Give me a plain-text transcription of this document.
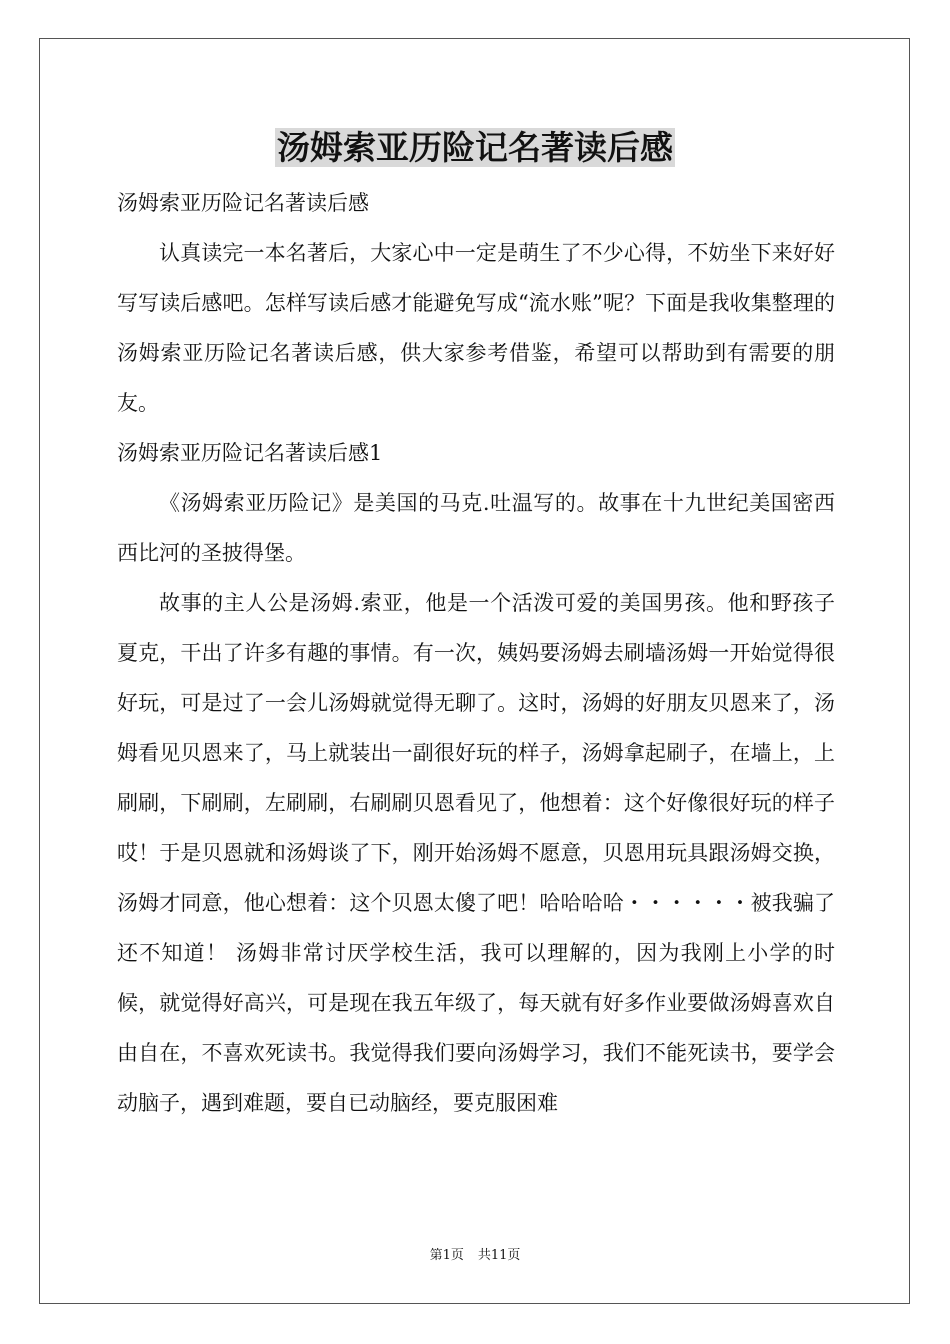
汤姆索亚历险记名著读后感

汤姆索亚历险记名著读后感

认真读完一本名著后，大家心中一定是萌生了不少心得，不妨坐下来好好写写读后感吧。怎样写读后感才能避免写成“流水账”呢？下面是我收集整理的汤姆索亚历险记名著读后感，供大家参考借鉴，希望可以帮助到有需要的朋友。

汤姆索亚历险记名著读后感1

《汤姆索亚历险记》是美国的马克.吐温写的。故事在十九世纪美国密西西比河的圣披得堡。

故事的主人公是汤姆.索亚，他是一个活泼可爱的美国男孩。他和野孩子夏克，干出了许多有趣的事情。有一次，姨妈要汤姆去刷墙汤姆一开始觉得很好玩，可是过了一会儿汤姆就觉得无聊了。这时，汤姆的好朋友贝恩来了，汤姆看见贝恩来了，马上就装出一副很好玩的样子，汤姆拿起刷子，在墙上，上刷刷，下刷刷，左刷刷，右刷刷贝恩看见了，他想着：这个好像很好玩的样子哎！于是贝恩就和汤姆谈了下，刚开始汤姆不愿意，贝恩用玩具跟汤姆交换，汤姆才同意，他心想着：这个贝恩太傻了吧！哈哈哈哈・・・・・・被我骗了还不知道！ 汤姆非常讨厌学校生活，我可以理解的，因为我刚上小学的时候，就觉得好高兴，可是现在我五年级了，每天就有好多作业要做汤姆喜欢自由自在，不喜欢死读书。我觉得我们要向汤姆学习，我们不能死读书，要学会动脑子，遇到难题，要自已动脑经，要克服困难

第1页 共11页
